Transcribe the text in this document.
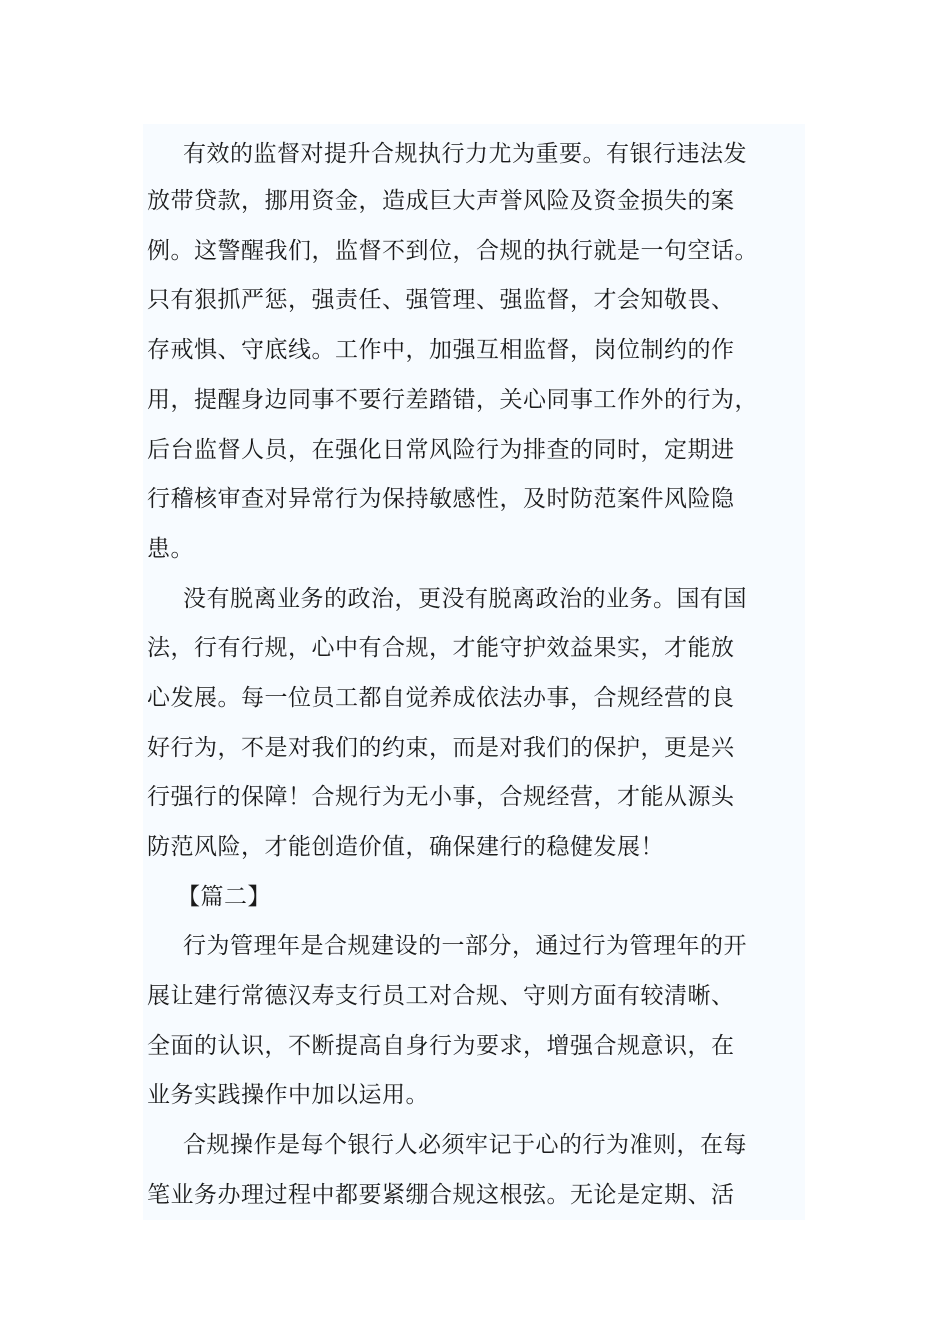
有效的监督对提升合规执行力尤为重要。有银行违法发
放带贷款，挪用资金，造成巨大声誉风险及资金损失的案
例。这警醒我们，监督不到位，合规的执行就是一句空话。
只有狠抓严惩，强责任、强管理、强监督，才会知敬畏、
存戒惧、守底线。工作中，加强互相监督，岗位制约的作
用，提醒身边同事不要行差踏错，关心同事工作外的行为，
后台监督人员，在强化日常风险行为排查的同时，定期进
行稽核审查对异常行为保持敏感性，及时防范案件风险隐
患。
没有脱离业务的政治，更没有脱离政治的业务。国有国
法，行有行规，心中有合规，才能守护效益果实，才能放
心发展。每一位员工都自觉养成依法办事，合规经营的良
好行为，不是对我们的约束，而是对我们的保护，更是兴
行强行的保障！合规行为无小事，合规经营，才能从源头
防范风险，才能创造价值，确保建行的稳健发展！
【篇二】
行为管理年是合规建设的一部分，通过行为管理年的开
展让建行常德汉寿支行员工对合规、守则方面有较清晰、
全面的认识，不断提高自身行为要求，增强合规意识，在
业务实践操作中加以运用。
合规操作是每个银行人必须牢记于心的行为准则，在每
笔业务办理过程中都要紧绷合规这根弦。无论是定期、活
